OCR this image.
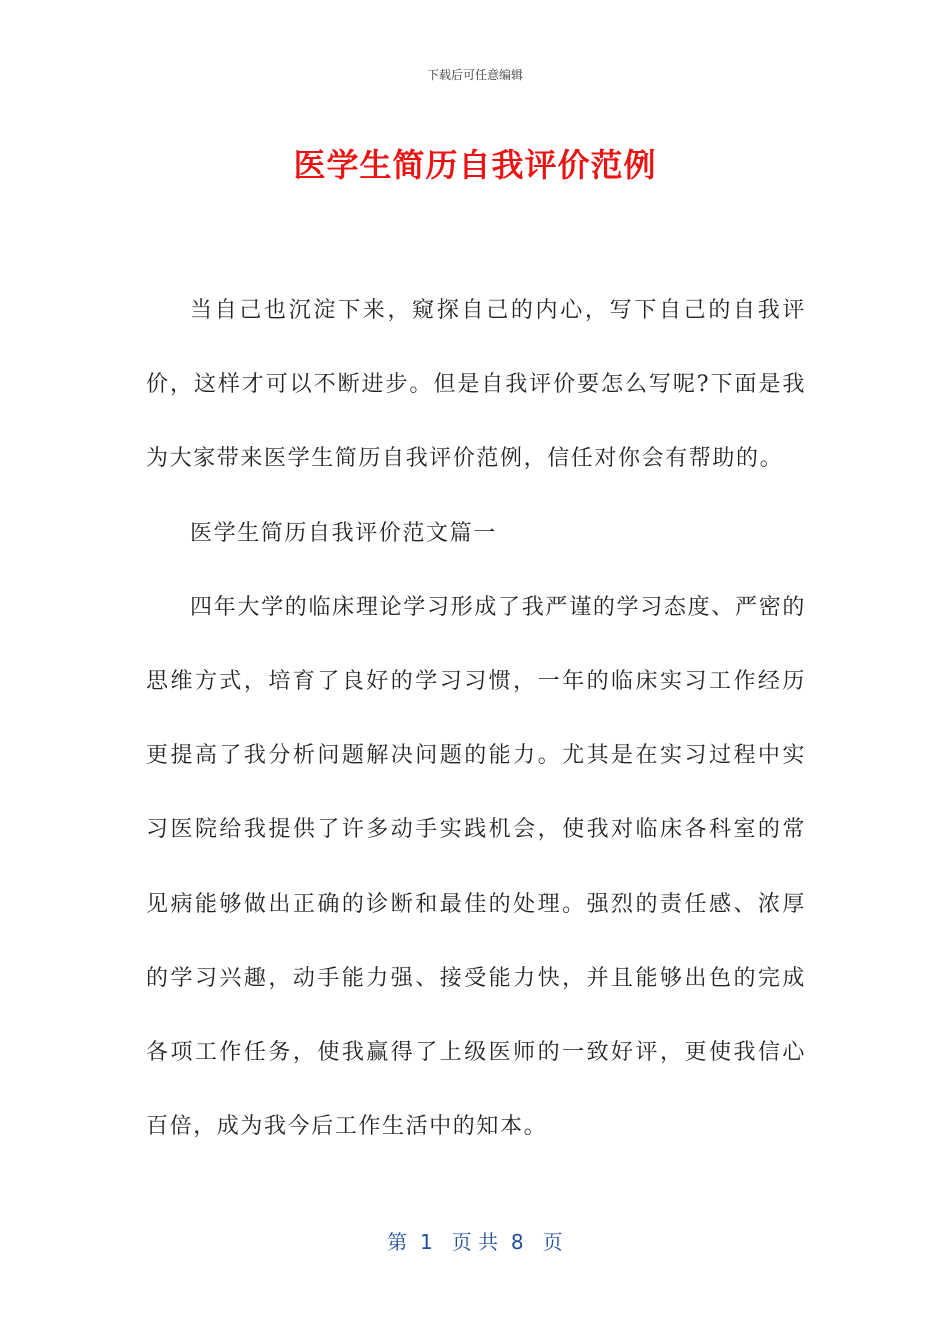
下载后可任意编辑
医学生简历自我评价范例

当自己也沉淀下来，窥探自己的内心，写下自己的自我评价，这样才可以不断进步。但是自我评价要怎么写呢?下面是我为大家带来医学生简历自我评价范例，信任对你会有帮助的。

医学生简历自我评价范文篇一

四年大学的临床理论学习形成了我严谨的学习态度、严密的思维方式，培育了良好的学习习惯，一年的临床实习工作经历更提高了我分析问题解决问题的能力。尤其是在实习过程中实习医院给我提供了许多动手实践机会，使我对临床各科室的常见病能够做出正确的诊断和最佳的处理。强烈的责任感、浓厚的学习兴趣，动手能力强、接受能力快，并且能够出色的完成各项工作任务，使我赢得了上级医师的一致好评，更使我信心百倍，成为我今后工作生活中的知本。

第  1   页 共  8   页
